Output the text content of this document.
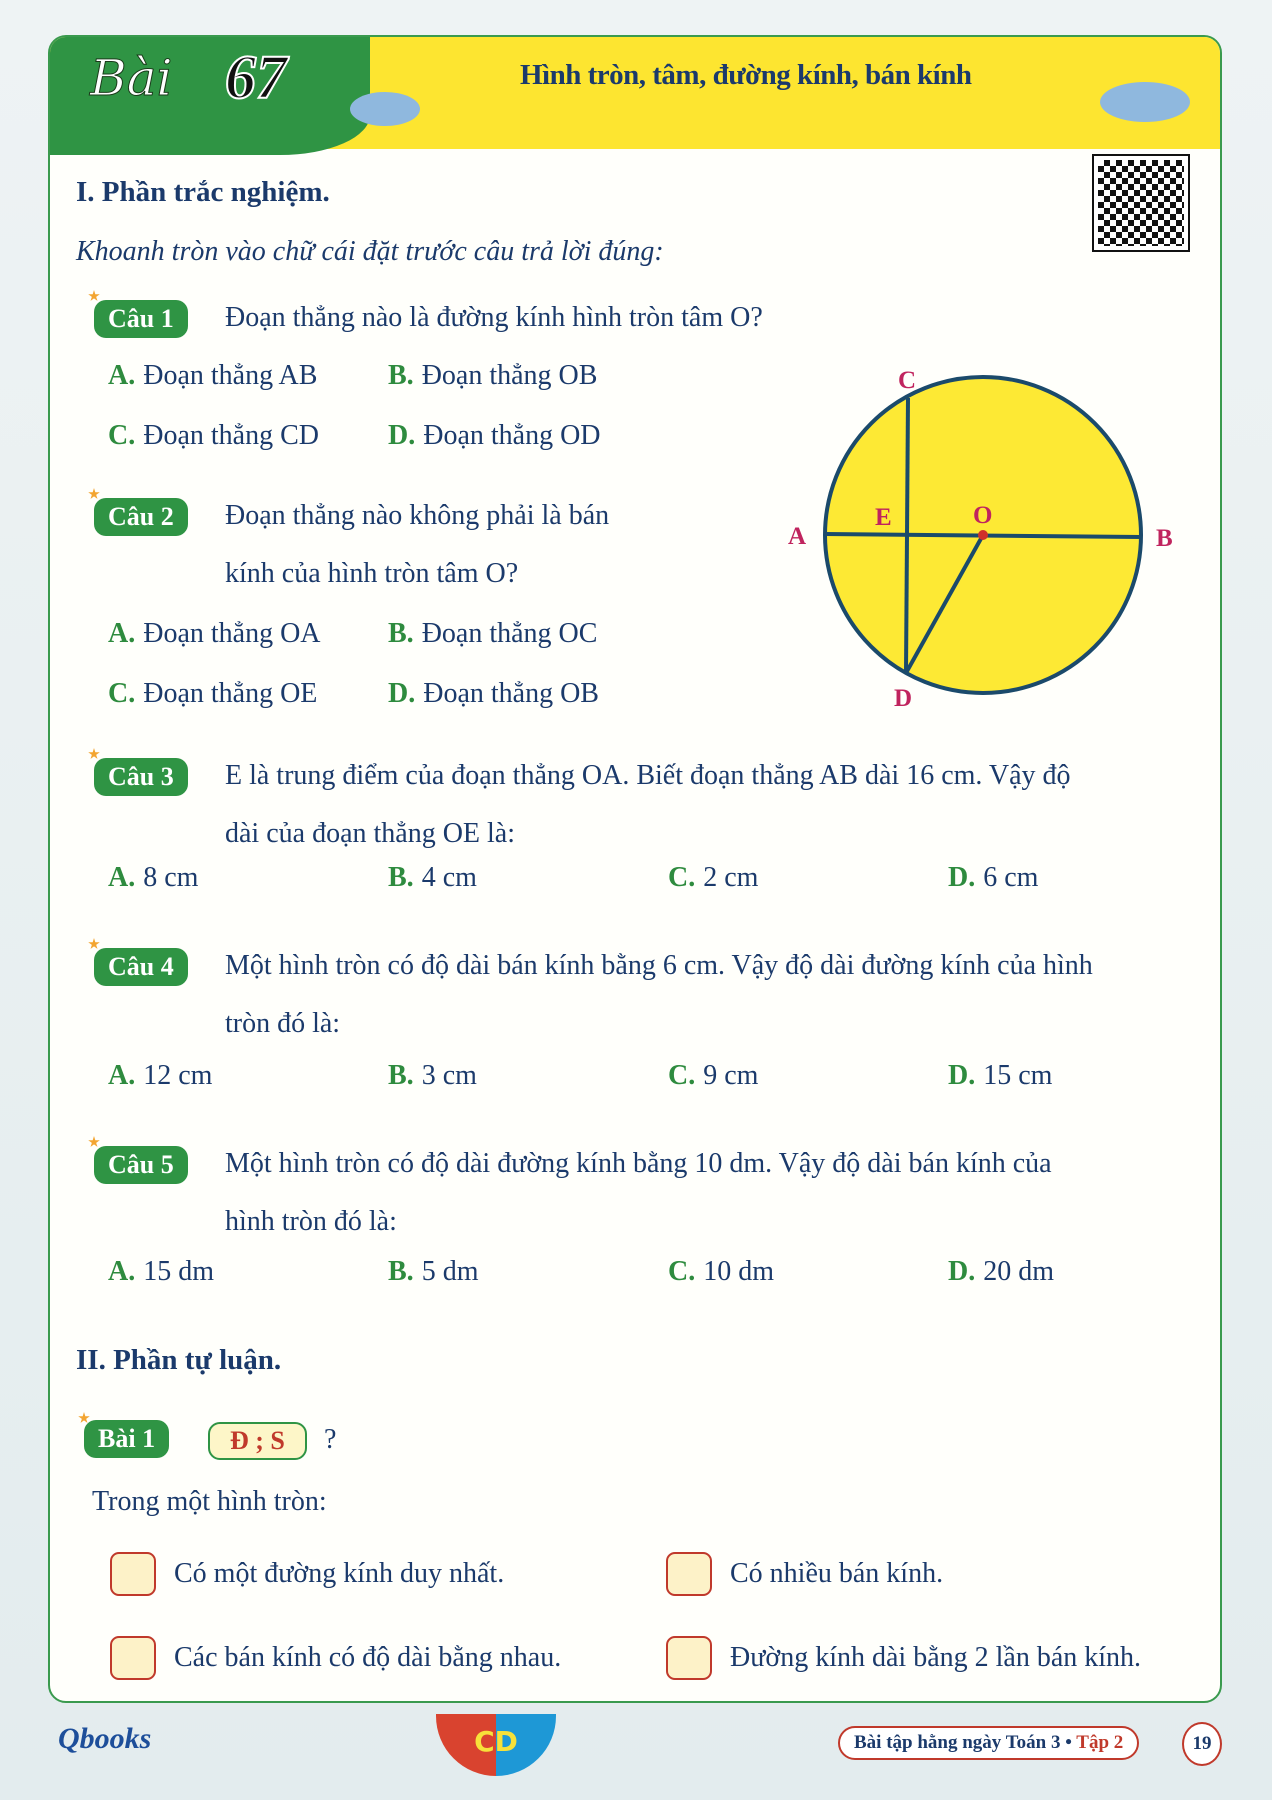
Bài 67	Hình tròn, tâm, đường kính, bán kính
I. Phần trắc nghiệm.
Khoanh tròn vào chữ cái đặt trước câu trả lời đúng:
Câu 1	Đoạn thẳng nào là đường kính hình tròn tâm O?
A. Đoạn thẳng AB	B. Đoạn thẳng OB
C. Đoạn thẳng CD D. Đoạn thẳng OD
Câu 2	Đoạn thẳng nào không phải là bán
kính của hình tròn tâm O?
A. Đoạn thẳng OA B. Đoạn thẳng OC
C. Đoạn thẳng OE	D. Đoạn thẳng OB
Câu 3	E là trung điểm của đoạn thẳng OA. Biết đoạn thẳng AB dài 16 cm. Vậy độ
dài của đoạn thẳng OE là:
A. 8 cm	B. 4 cm	C. 2 cm	D. 6 cm
Câu 4	Một hình tròn có độ dài bán kính bằng 6 cm. Vậy độ dài đường kính của hình
tròn đó là:
A. 12 cm	B. 3 cm	C. 9 cm	D. 15 cm
Câu 5	Một hình tròn có độ dài đường kính bằng 10 dm. Vậy độ dài bán kính của
hình tròn đó là:
A. 15 dm	B. 5 dm	C. 10 dm	D. 20 dm
C
A
E	O
B
D
II. Phần tự luận.
Bài 1	Đ ; S	?
Trong một hình tròn:
Có một đường kính duy nhất.	Có nhiều bán kính.
Các bán kính có độ dài bằng nhau.	Đường kính dài bằng 2 lần bán kính.
Qbooks	CD	Bài tập hằng ngày Toán 3 • Tập 2	19
